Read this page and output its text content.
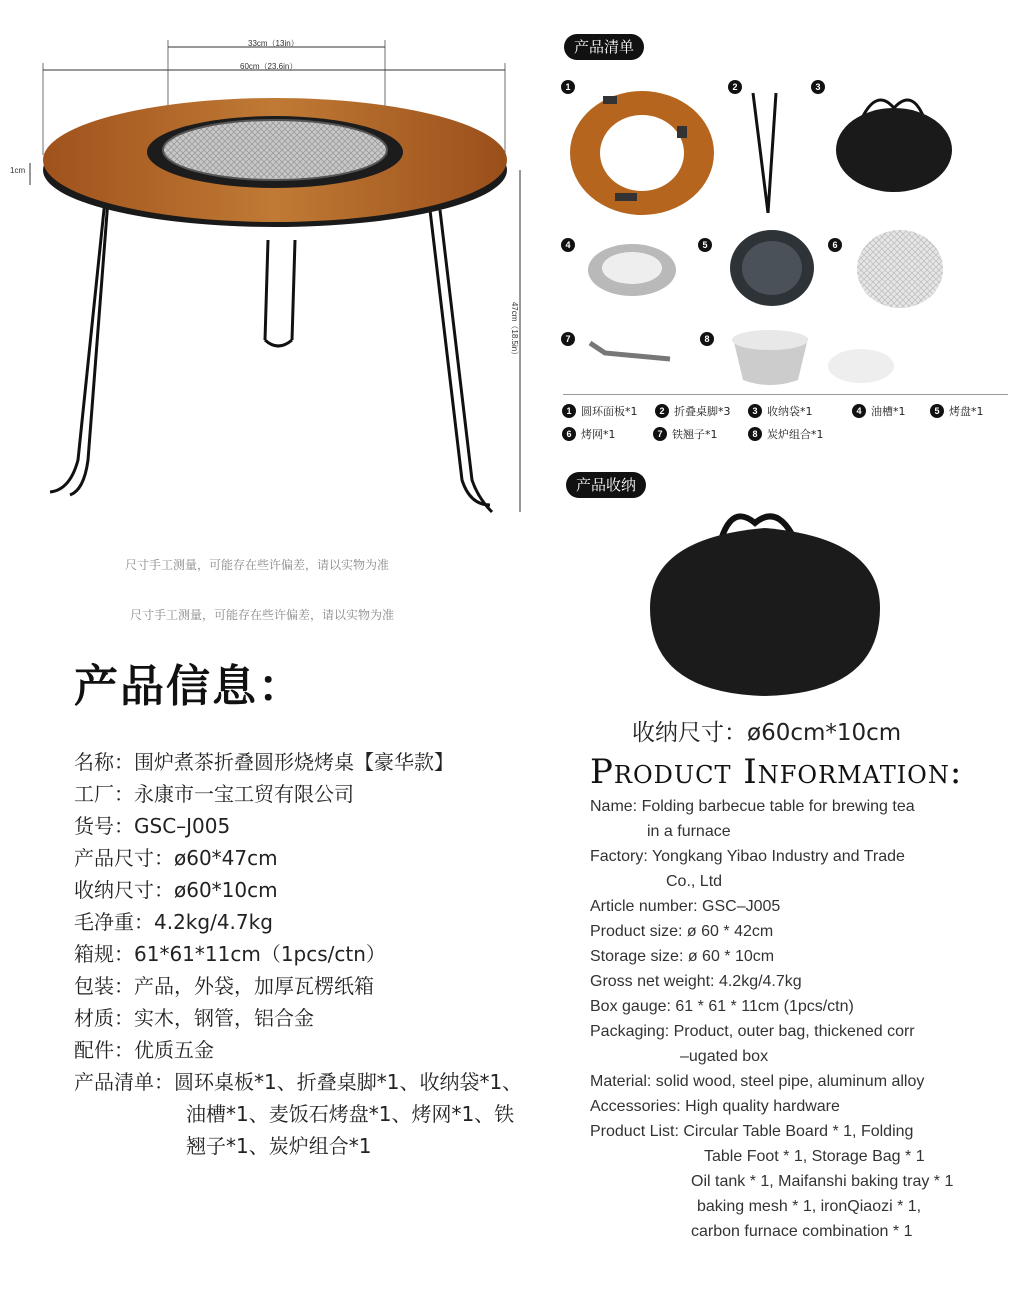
33cm（13in）
60cm（23.6in）
1cm
47cm（18.5in）
尺寸手工测量，可能存在些许偏差，请以实物为准
尺寸手工测量，可能存在些许偏差，请以实物为准
产品清单
1	2	3
4	5	6
7	8
1 圆环面板*1	2 折叠桌脚*3	3 收纳袋*1	4 油槽*1	5 烤盘*1
6 烤网*1	7 铁翘子*1	8 炭炉组合*1
产品收纳
收纳尺寸：ø60cm*10cm
产品信息：
名称：围炉煮茶折叠圆形烧烤桌【豪华款】
工厂：永康市一宝工贸有限公司
货号：GSC–J005
产品尺寸：ø60*47cm
收纳尺寸：ø60*10cm
毛净重：4.2kg/4.7kg
箱规：61*61*11cm（1pcs/ctn）
包装：产品，外袋，加厚瓦楞纸箱
材质：实木，钢管，铝合金
配件：优质五金
产品清单：圆环桌板*1、折叠桌脚*1、收纳袋*1、
油槽*1、麦饭石烤盘*1、烤网*1、铁
翘子*1、炭炉组合*1
Product Information:
Name: Folding barbecue table for brewing tea
in a furnace
Factory: Yongkang Yibao Industry and Trade
Co., Ltd
Article number: GSC–J005
Product size: ø 60 * 42cm
Storage size: ø 60 * 10cm
Gross net weight: 4.2kg/4.7kg
Box gauge: 61 * 61 * 11cm (1pcs/ctn)
Packaging: Product, outer bag, thickened corr
–ugated box
Material: solid wood, steel pipe, aluminum alloy
Accessories: High quality hardware
Product List: Circular Table Board * 1, Folding
Table Foot * 1, Storage Bag * 1
Oil tank * 1, Maifanshi baking tray * 1
baking mesh * 1, ironQiaozi * 1,
carbon furnace combination * 1
